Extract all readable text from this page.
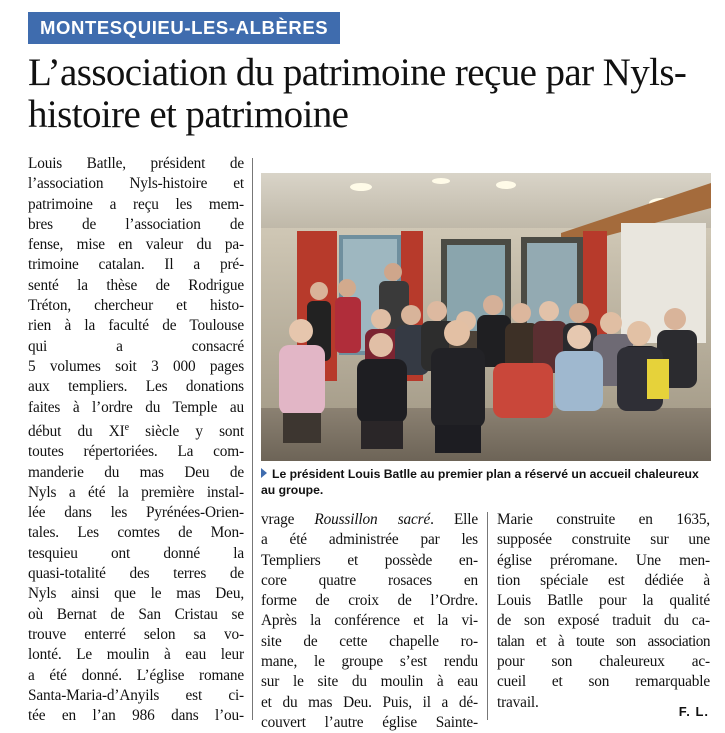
MONTESQUIEU-LES-ALBÈRES
L’association du patrimoine reçue par Nyls-histoire et patrimoine
Louis Batlle, président de
l’association Nyls-histoire et
patrimoine a reçu les mem-
bres de l’association de
fense, mise en valeur du pa-
trimoine catalan. Il a pré-
senté la thèse de Rodrigue
Tréton, chercheur et histo-
rien à la faculté de Toulouse
qui a consacré
5 volumes soit 3 000 pages
aux templiers. Les donations
faites à l’ordre du Temple au
début du XIe siècle y sont
toutes répertoriées. La com-
manderie du mas Deu de
Nyls a été la première instal-
lée dans les Pyrénées-Orien-
tales. Les comtes de Mon-
tesquieu ont donné la
quasi-totalité des terres de
Nyls ainsi que le mas Deu,
où Bernat de San Cristau se
trouve enterré selon sa vo-
lonté. Le moulin à eau leur
a été donné. L’église romane
Santa-Maria-d’Anyils est ci-
tée en l’an 986 dans l’ou-
Le président Louis Batlle au premier plan a réservé un accueil chaleureux au groupe.
vrage Roussillon sacré. Elle
a été administrée par les
Templiers et possède en-
core quatre rosaces en
forme de croix de l’Ordre.
Après la conférence et la vi-
site de cette chapelle ro-
mane, le groupe s’est rendu
sur le site du moulin à eau
et du mas Deu. Puis, il a dé-
couvert l’autre église Sainte-
Marie construite en 1635,
supposée construite sur une
église préromane. Une men-
tion spéciale est dédiée à
Louis Batlle pour la qualité
de son exposé traduit du ca-
talan et à toute son association
pour son chaleureux ac-
cueil et son remarquable
travail.
F. L.
